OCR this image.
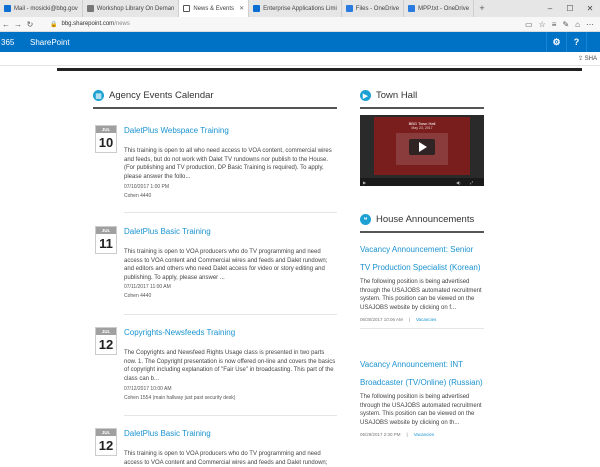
Mail - mosicki@bbg.gov	Workshop Library On Deman	News & Events ✕	Enterprise Applications Limi	Files - OneDrive	MPP.txt - OneDrive	+	–	☐	✕
← → ↻	🔒 bbg.sharepoint.com/news	▭ ☆ ≡ ✎ ⌂ ⋯
365	SharePoint	⚙	?
⇪ SHA
▦ Agency Events Calendar
JUL
10
DaletPlus Webspace Training
This training is open to all who need access to VOA content, commercial wires and feeds, but do not work with Dalet TV rundowns nor publish to the House. (For publishing and TV production, DP Basic Training is required). To apply, please answer the follo...
07/10/2017 1:00 PM
Cohen 4440
JUL
11
DaletPlus Basic Training
This training is open to VOA producers who do TV programming and need access to VOA content and Commercial wires and feeds and Dalet rundown; and editors and others who need Dalet access for video or story editing and publishing. To apply, please answer ...
07/11/2017 11:00 AM
Cohen 4440
JUL
12
Copyrights-Newsfeeds Training
The Copyrights and Newsfeed Rights Usage class is presented in two parts now. 1. The Copyright presentation is now offered on-line and covers the basics of copyright including explanation of "Fair Use" in broadcasting. This part of the class can b...
07/12/2017 10:00 AM
Cohen 1554 (main hallway just past security desk)
JUL
12
DaletPlus Basic Training
This training is open to VOA producers who do TV programming and need access to VOA content and Commercial wires and feeds and Dalet rundown;
▶ Town Hall
BBG Town Hall
May 23, 2017
▶	◀) ⤢
❝ House Announcements
Vacancy Announcement: Senior TV Production Specialist (Korean)
The following position is being advertised through the USAJOBS automated recruitment system. This position can be viewed on the USAJOBS website by clicking on f...
06/30/2017 10:06 AM | Vacancies
Vacancy Announcement: INT Broadcaster (TV/Online) (Russian)
The following position is being advertised through the USAJOBS automated recruitment system. This position can be viewed on the USAJOBS website by clicking on th...
06/29/2017 2:30 PM | Vacancies
